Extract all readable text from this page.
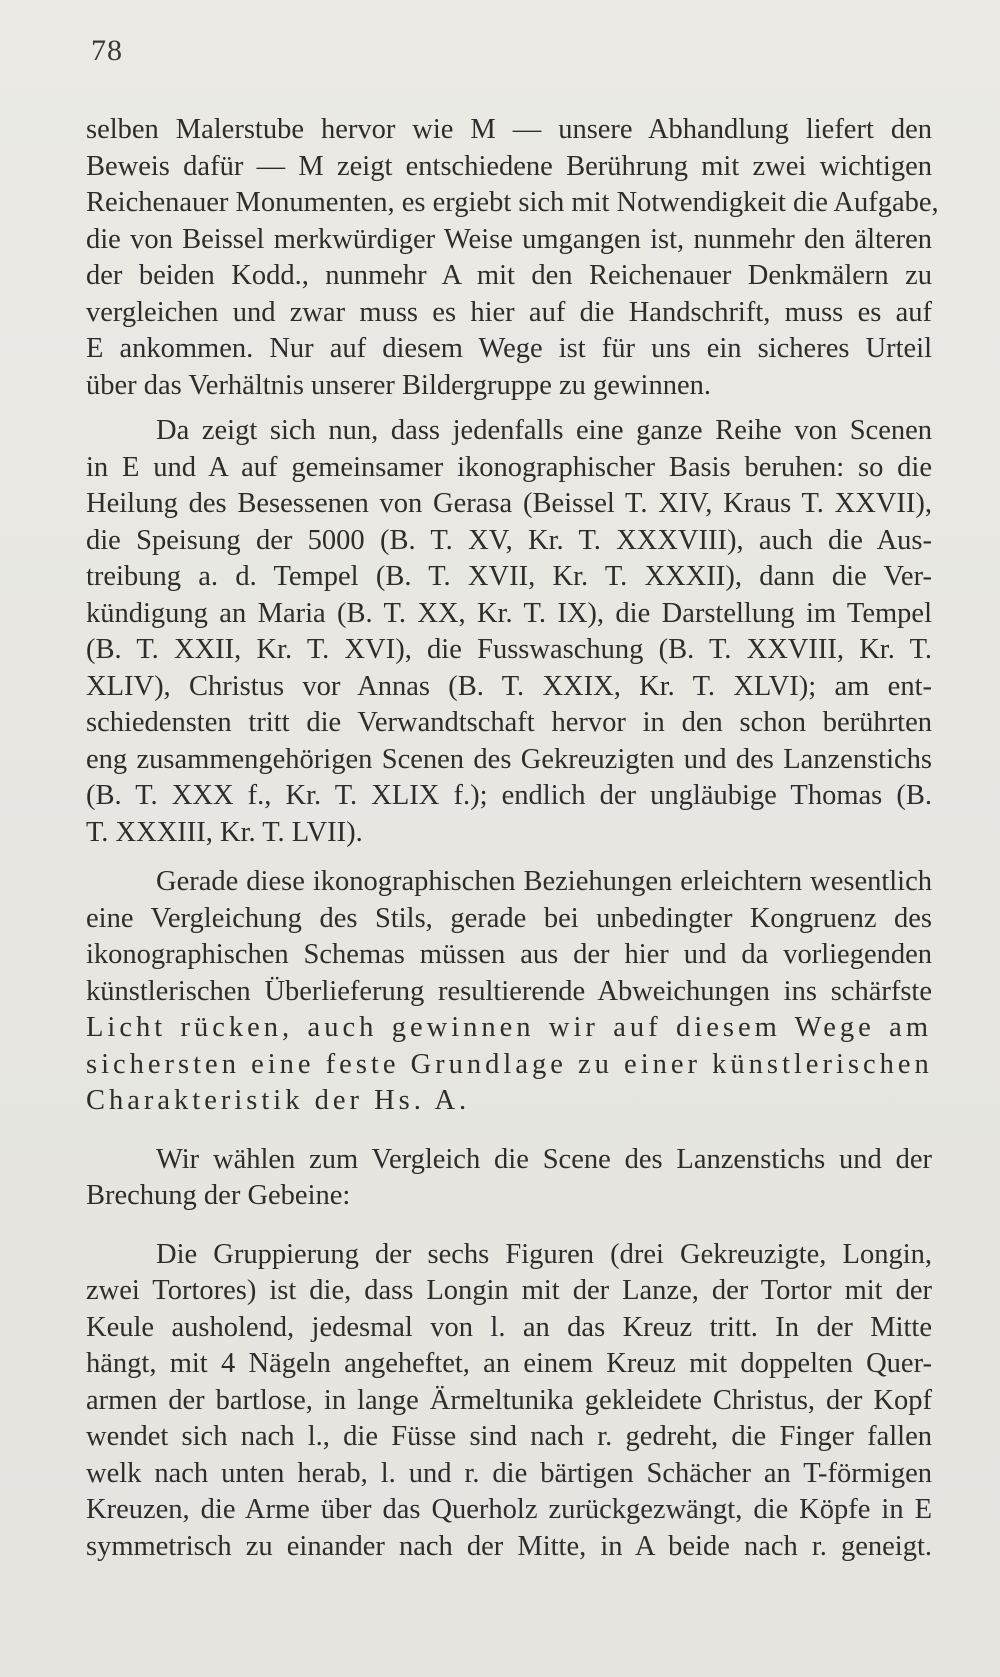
78

selben Malerstube hervor wie M — unsere Abhandlung liefert den
Beweis dafür — M zeigt entschiedene Berührung mit zwei wichtigen
Reichenauer Monumenten, es ergiebt sich mit Notwendigkeit die Aufgabe,
die von Beissel merkwürdiger Weise umgangen ist, nunmehr den älteren
der beiden Kodd., nunmehr A mit den Reichenauer Denkmälern zu
vergleichen und zwar muss es hier auf die Handschrift, muss es auf
E ankommen. Nur auf diesem Wege ist für uns ein sicheres Urteil
über das Verhältnis unserer Bildergruppe zu gewinnen.

Da zeigt sich nun, dass jedenfalls eine ganze Reihe von Scenen

in E und A auf gemeinsamer ikonographischer Basis beruhen: so die
Heilung des Besessenen von Gerasa (Beissel T. XIV, Kraus T. XXVII),
die Speisung der 5000 (B. T. XV, Kr. T. XXXVIII), auch die Aus-
treibung a. d. Tempel (B. T. XVII, Kr. T. XXXII), dann die Ver-
kündigung an Maria (B. T. XX, Kr. T. IX), die Darstellung im Tempel
(B. T. XXII, Kr. T. XVI), die Fusswaschung (B. T. XXVIII, Kr. T.
XLIV), Christus vor Annas (B. T. XXIX, Kr. T. XLVI); am ent-
schiedensten tritt die Verwandtschaft hervor in den schon berührten
eng zusammengehörigen Scenen des Gekreuzigten und des Lanzenstichs
(B. T. XXX f., Kr. T. XLIX f.); endlich der ungläubige Thomas (B.
T. XXXIII, Kr. T. LVII).

Gerade diese ikonographischen Beziehungen erleichtern wesentlich

eine Vergleichung des Stils, gerade bei unbedingter Kongruenz des
ikonographischen Schemas müssen aus der hier und da vorliegenden
künstlerischen Überlieferung resultierende Abweichungen ins schärfste
Licht rücken, auch gewinnen wir auf diesem Wege am
sichersten eine feste Grundlage zu einer künstlerischen
Charakteristik der Hs. A.

Wir wählen zum Vergleich die Scene des Lanzenstichs und der

Brechung der Gebeine:

Die Gruppierung der sechs Figuren (drei Gekreuzigte, Longin,

zwei Tortores) ist die, dass Longin mit der Lanze, der Tortor mit der
Keule ausholend, jedesmal von l. an das Kreuz tritt. In der Mitte
hängt, mit 4 Nägeln angeheftet, an einem Kreuz mit doppelten Quer-
armen der bartlose, in lange Ärmeltunika gekleidete Christus, der Kopf
wendet sich nach l., die Füsse sind nach r. gedreht, die Finger fallen
welk nach unten herab, l. und r. die bärtigen Schächer an T-förmigen
Kreuzen, die Arme über das Querholz zurückgezwängt, die Köpfe in E
symmetrisch zu einander nach der Mitte, in A beide nach r. geneigt.
